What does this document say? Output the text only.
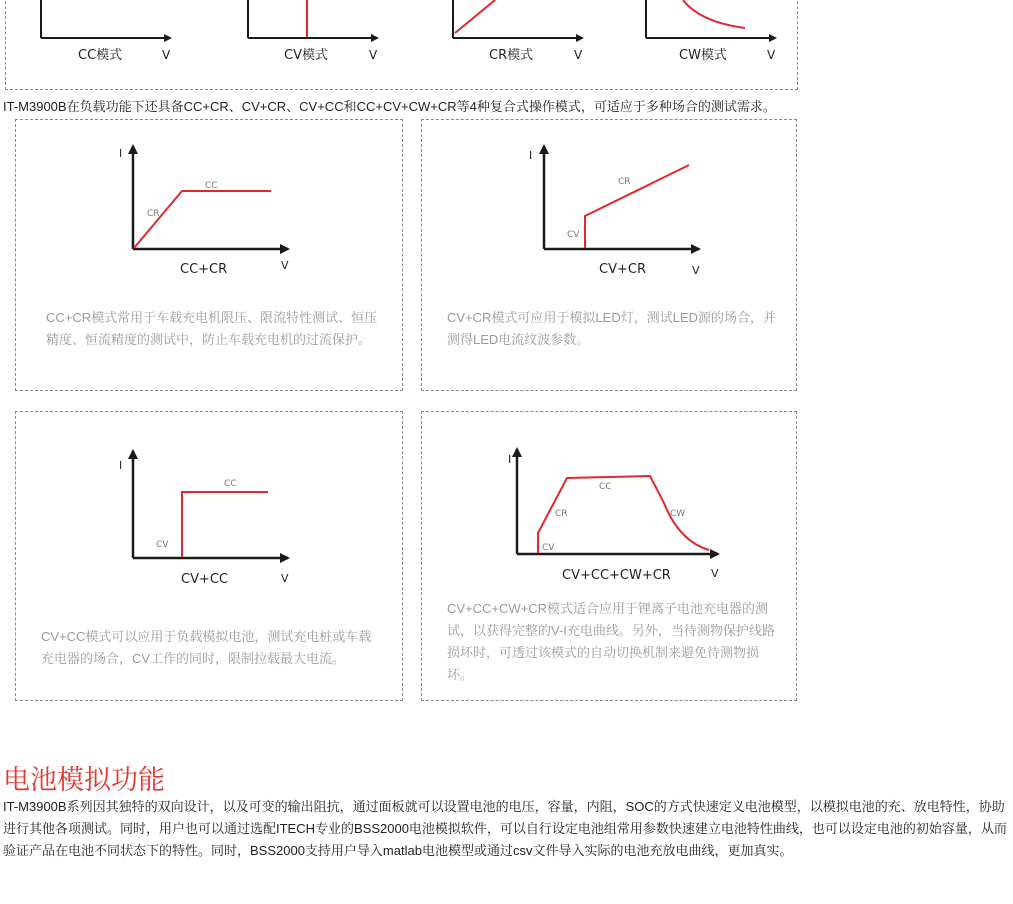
CC模式	V	CV模式	V	CR模式	V	CW模式	V
IT-M3900B在负载功能下还具备CC+CR、CV+CR、CV+CC和CC+CV+CW+CR等4种复合式操作模式，可适应于多种场合的测试需求。
I
V
CR
CC
CC+CR

CC+CR模式常用于车载充电机限压、限流特性测试、恒压精度、恒流精度的测试中，防止车载充电机的过流保护。

I
V
CV
CR
CV+CR

CV+CR模式可应用于模拟LED灯，测试LED源的场合，并测得LED电流纹波参数。

I
V
CV
CC
CV+CC

CV+CC模式可以应用于负载模拟电池，测试充电桩或车载充电器的场合，CV工作的同时，限制拉载最大电流。

I
V
CV
CR
CC
CW
CV+CC+CW+CR

CV+CC+CW+CR模式适合应用于锂离子电池充电器的测试，以获得完整的V-I充电曲线。另外，当待测物保护线路损坏时，可透过该模式的自动切换机制来避免待测物损坏。

电池模拟功能

IT-M3900B系列因其独特的双向设计，以及可变的输出阻抗，通过面板就可以设置电池的电压，容量，内阻，SOC的方式快速定义电池模型，以模拟电池的充、放电特性，协助进行其他各项测试。同时，用户也可以通过选配ITECH专业的BSS2000电池模拟软件，可以自行设定电池组常用参数快速建立电池特性曲线，也可以设定电池的初始容量，从而验证产品在电池不同状态下的特性。同时，BSS2000支持用户导入matlab电池模型或通过csv文件导入实际的电池充放电曲线，更加真实。
